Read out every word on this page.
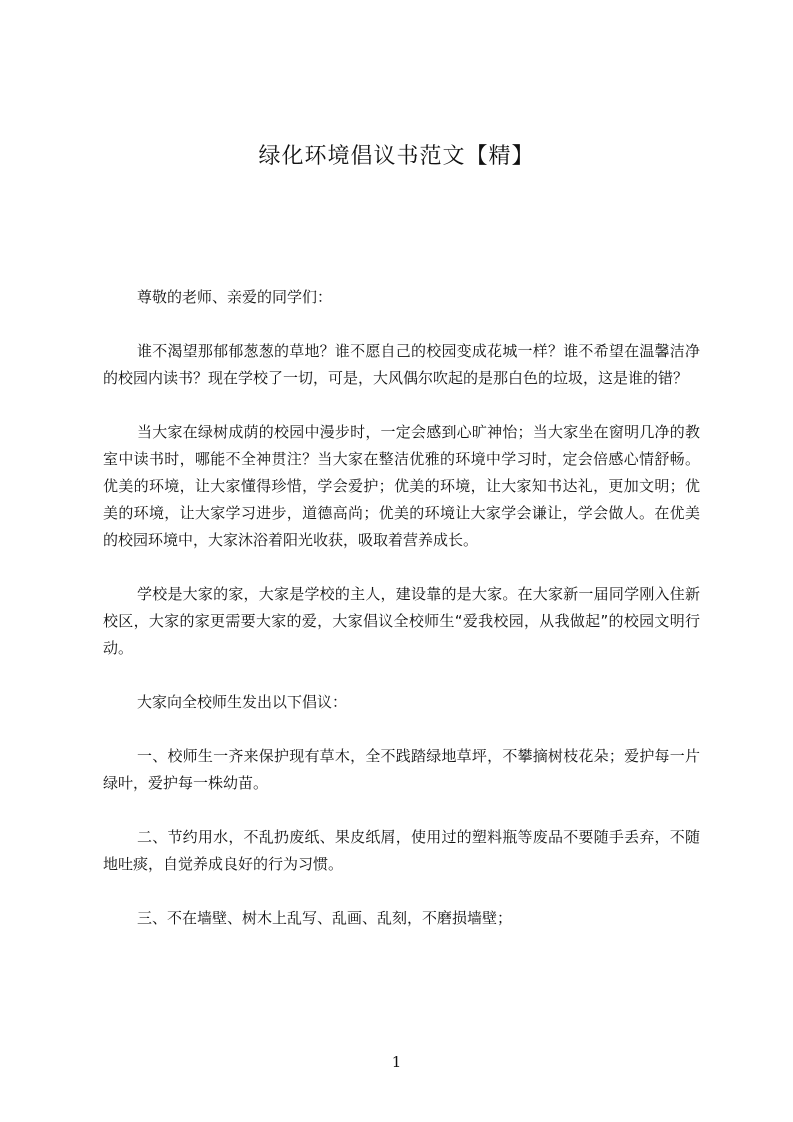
绿化环境倡议书范文【精】

尊敬的老师、亲爱的同学们：

谁不渴望那郁郁葱葱的草地？谁不愿自己的校园变成花城一样？谁不希望在温馨洁净的校园内读书？现在学校了一切，可是，大风偶尔吹起的是那白色的垃圾，这是谁的错？

当大家在绿树成荫的校园中漫步时，一定会感到心旷神怡；当大家坐在窗明几净的教室中读书时，哪能不全神贯注？当大家在整洁优雅的环境中学习时，定会倍感心情舒畅。优美的环境，让大家懂得珍惜，学会爱护；优美的环境，让大家知书达礼，更加文明；优美的环境，让大家学习进步，道德高尚；优美的环境让大家学会谦让，学会做人。在优美的校园环境中，大家沐浴着阳光收获，吸取着营养成长。

学校是大家的家，大家是学校的主人，建设靠的是大家。在大家新一届同学刚入住新校区，大家的家更需要大家的爱，大家倡议全校师生“爱我校园，从我做起”的校园文明行动。

大家向全校师生发出以下倡议：

一、校师生一齐来保护现有草木，全不践踏绿地草坪，不攀摘树枝花朵；爱护每一片绿叶，爱护每一株幼苗。

二、节约用水，不乱扔废纸、果皮纸屑，使用过的塑料瓶等废品不要随手丢弃，不随地吐痰，自觉养成良好的行为习惯。

三、不在墙壁、树木上乱写、乱画、乱刻，不磨损墙壁；

1
